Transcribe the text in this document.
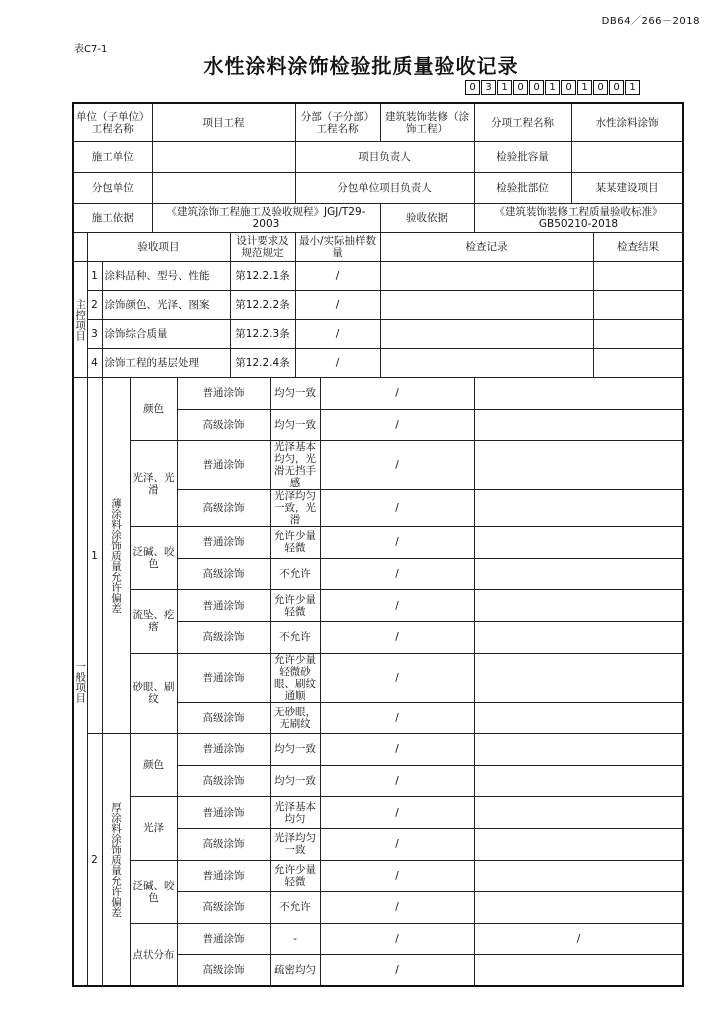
DB64／266－2018
表C7-1
水性涂料涂饰检验批质量验收记录
0 3 1 0 0 1 0 1 0 0 1
单位（子单位）工程名称				项目工程				分部（子分部）工程名称		建筑装饰装修（涂饰工程）	分项工程名称	水性涂料涂饰		
施工单位								项目负责人			检验批容量			
分包单位								分包单位项目负责人			检验批部位	某某建设项目		
施工依据				《建筑涂饰工程施工及验收规程》JGJ/T29-2003						验收依据	《建筑装饰装修工程质量验收标准》GB50210-2018			
	验收项目					设计要求及规范规定		最小/实际抽样数量		检查记录			检查结果	
主控项目	1	涂料品种、型号、性能				第12.2.1条		/						
	2	涂饰颜色、光泽、图案				第12.2.2条		/						
	3	涂饰综合质量				第12.2.3条		/						
	4	涂饰工程的基层处理				第12.2.4条		/						
一般项目	1	薄涂料涂饰质量允许偏差	颜色		普通涂饰		均匀一致		/					
					高级涂饰		均匀一致		/					
			光泽、光滑		普通涂饰		光泽基本均匀，光滑无挡手感		/					
					高级涂饰		光泽均匀一致，光滑		/					
			泛碱、咬色		普通涂饰		允许少量轻微		/					
					高级涂饰		不允许		/					
			流坠、疙瘩		普通涂饰		允许少量轻微		/					
					高级涂饰		不允许		/					
			砂眼、刷纹		普通涂饰		允许少量轻微砂眼、刷纹通顺		/					
					高级涂饰		无砂眼，无刷纹		/					
	2	厚涂料涂饰质量允许偏差	颜色		普通涂饰		均匀一致		/					
					高级涂饰		均匀一致		/					
			光泽		普通涂饰		光泽基本均匀		/					
					高级涂饰		光泽均匀一致		/					
			泛碱、咬色		普通涂饰		允许少量轻微		/					
					高级涂饰		不允许		/					
			点状分布		普通涂饰		-		/		/	
					高级涂饰		疏密均匀		/					
